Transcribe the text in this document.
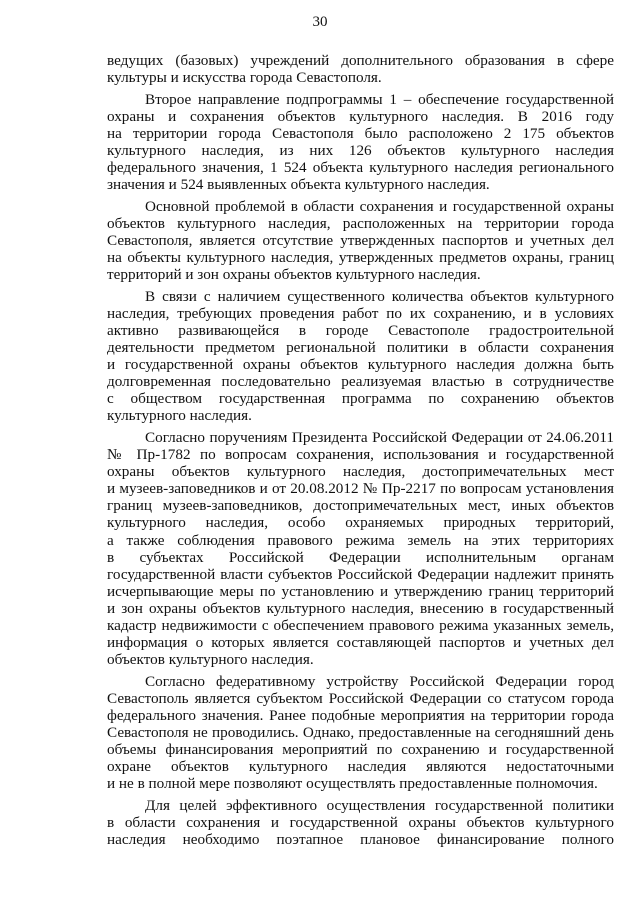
30
ведущих (базовых) учреждений дополнительного образования в сфере
культуры и искусства города Севастополя.
Второе направление подпрограммы 1 – обеспечение государственной
охраны и сохранения объектов культурного наследия. В 2016 году
на территории города Севастополя было расположено 2 175 объектов
культурного наследия, из них 126 объектов культурного наследия
федерального значения, 1 524 объекта культурного наследия регионального
значения и 524 выявленных объекта культурного наследия.
Основной проблемой в области сохранения и государственной охраны
объектов культурного наследия, расположенных на территории города
Севастополя, является отсутствие утвержденных паспортов и учетных дел
на объекты культурного наследия, утвержденных предметов охраны, границ
территорий и зон охраны объектов культурного наследия.
В связи с наличием существенного количества объектов культурного
наследия, требующих проведения работ по их сохранению, и в условиях
активно развивающейся в городе Севастополе градостроительной
деятельности предметом региональной политики в области сохранения
и государственной охраны объектов культурного наследия должна быть
долговременная последовательно реализуемая властью в сотрудничестве
с обществом государственная программа по сохранению объектов
культурного наследия.
Согласно поручениям Президента Российской Федерации от 24.06.2011
№ Пр-1782 по вопросам сохранения, использования и государственной
охраны объектов культурного наследия, достопримечательных мест
и музеев-заповедников и от 20.08.2012 № Пр-2217 по вопросам установления
границ музеев-заповедников, достопримечательных мест, иных объектов
культурного наследия, особо охраняемых природных территорий,
а также соблюдения правового режима земель на этих территориях
в субъектах Российской Федерации исполнительным органам
государственной власти субъектов Российской Федерации надлежит принять
исчерпывающие меры по установлению и утверждению границ территорий
и зон охраны объектов культурного наследия, внесению в государственный
кадастр недвижимости с обеспечением правового режима указанных земель,
информация о которых является составляющей паспортов и учетных дел
объектов культурного наследия.
Согласно федеративному устройству Российской Федерации город
Севастополь является субъектом Российской Федерации со статусом города
федерального значения. Ранее подобные мероприятия на территории города
Севастополя не проводились. Однако, предоставленные на сегодняшний день
объемы финансирования мероприятий по сохранению и государственной
охране объектов культурного наследия являются недостаточными
и не в полной мере позволяют осуществлять предоставленные полномочия.
Для целей эффективного осуществления государственной политики
в области сохранения и государственной охраны объектов культурного
наследия необходимо поэтапное плановое финансирование полного
